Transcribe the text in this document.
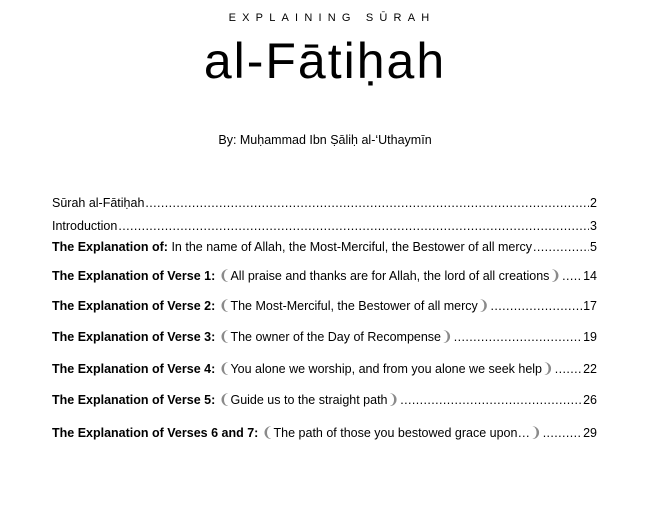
EXPLAINING SŪRAH
al-Fātiḥah
By: Muḥammad Ibn Ṣāliḥ al-‘Uthaymīn
Sūrah al-Fātiḥah .....	2
Introduction .....	3
The Explanation of: In the name of Allah, the Most-Merciful, the Bestower of all mercy .....	5
The Explanation of Verse 1: ❨All praise and thanks are for Allah, the lord of all creations❩ ..... 14
The Explanation of Verse 2: ❨The Most-Merciful, the Bestower of all mercy❩ .....	17
The Explanation of Verse 3: ❨The owner of the Day of Recompense❩ .....	19
The Explanation of Verse 4: ❨You alone we worship, and from you alone we seek help❩ ..... 22
The Explanation of Verse 5: ❨Guide us to the straight path❩ .....	26
The Explanation of Verses 6 and 7: ❨The path of those you bestowed grace upon…❩ .....	29
